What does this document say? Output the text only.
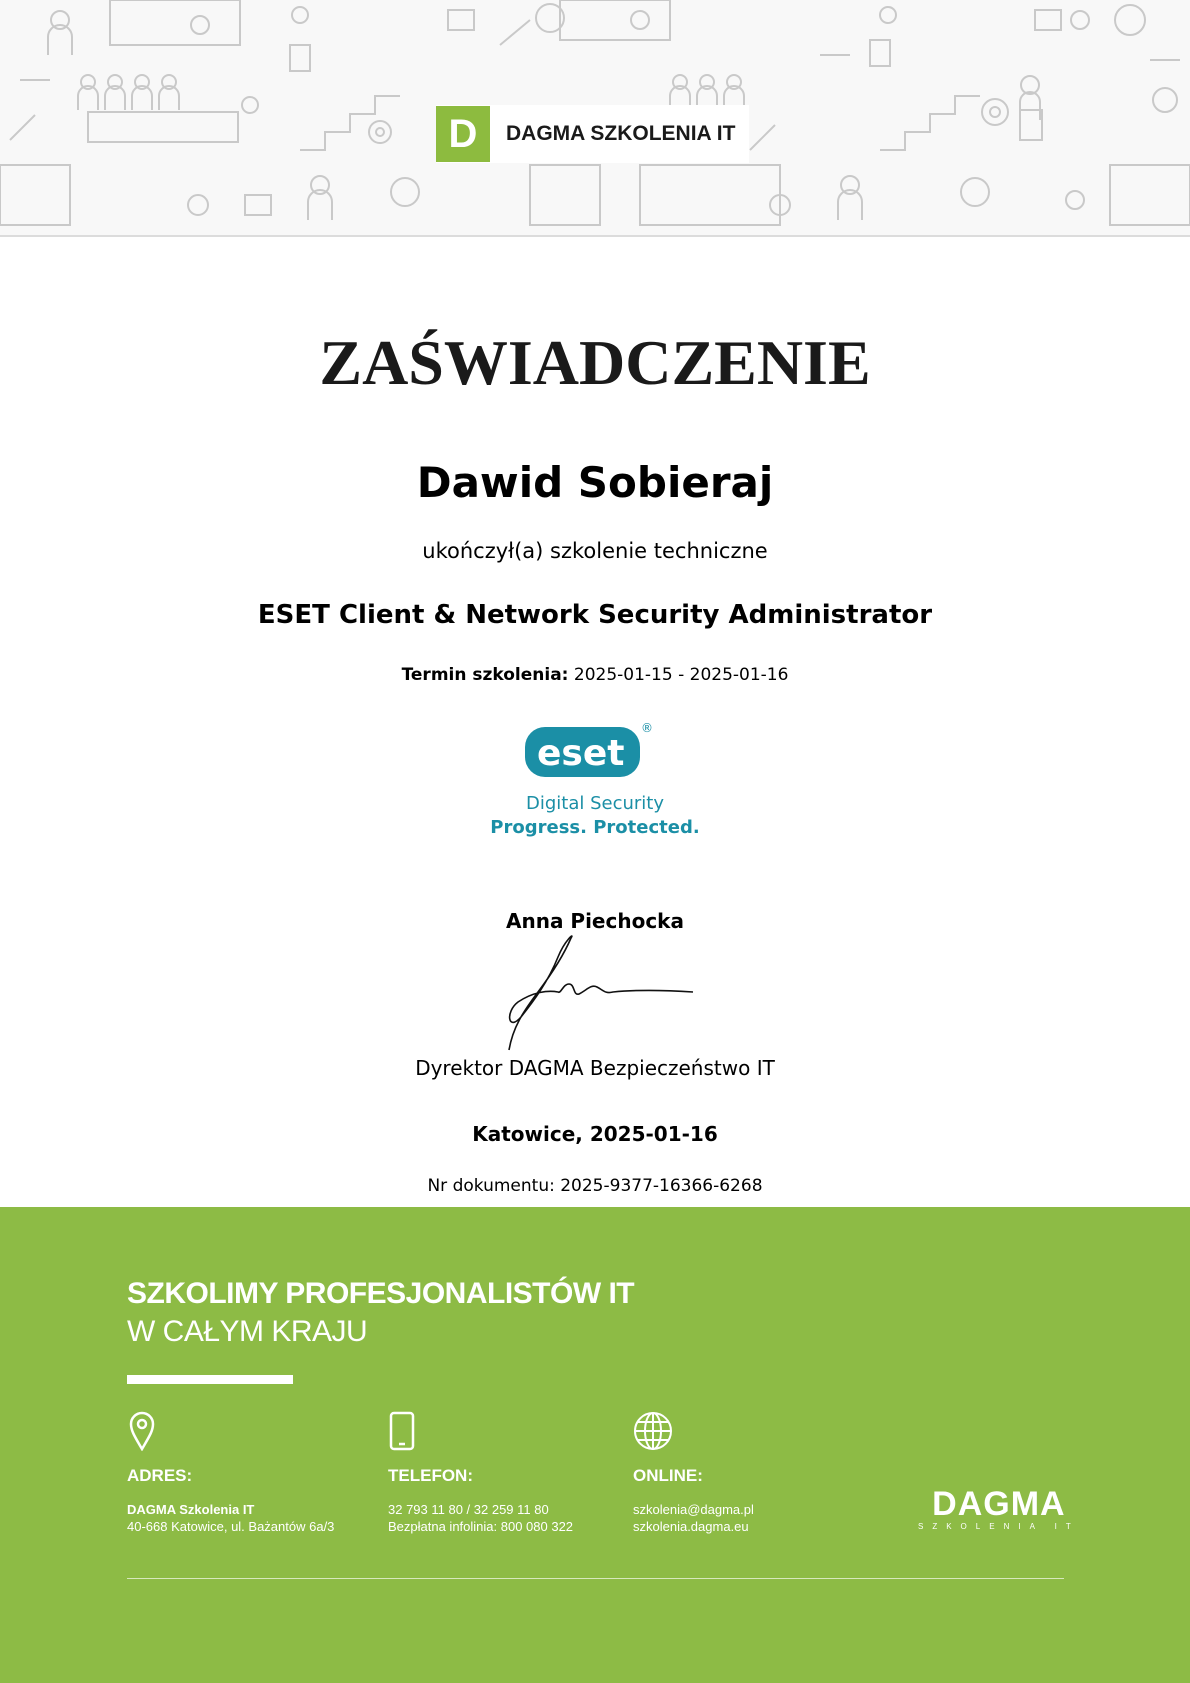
D	DAGMA SZKOLENIA IT
ZAŚWIADCZENIE
Dawid Sobieraj
ukończył(a) szkolenie techniczne
ESET Client & Network Security Administrator
Termin szkolenia: 2025-01-15 - 2025-01-16
eset
®
Digital Security
Progress. Protected.
Anna Piechocka
Dyrektor DAGMA Bezpieczeństwo IT
Katowice, 2025-01-16
Nr dokumentu: 2025-9377-16366-6268
SZKOLIMY PROFESJONALISTÓW IT
W CAŁYM KRAJU
ADRES:
DAGMA Szkolenia IT
40-668 Katowice, ul. Bażantów 6a/3
TELEFON:
32 793 11 80 / 32 259 11 80
Bezpłatna infolinia: 800 080 322
ONLINE:
szkolenia@dagma.pl
szkolenia.dagma.eu
DAGMA
SZKOLENIA IT
